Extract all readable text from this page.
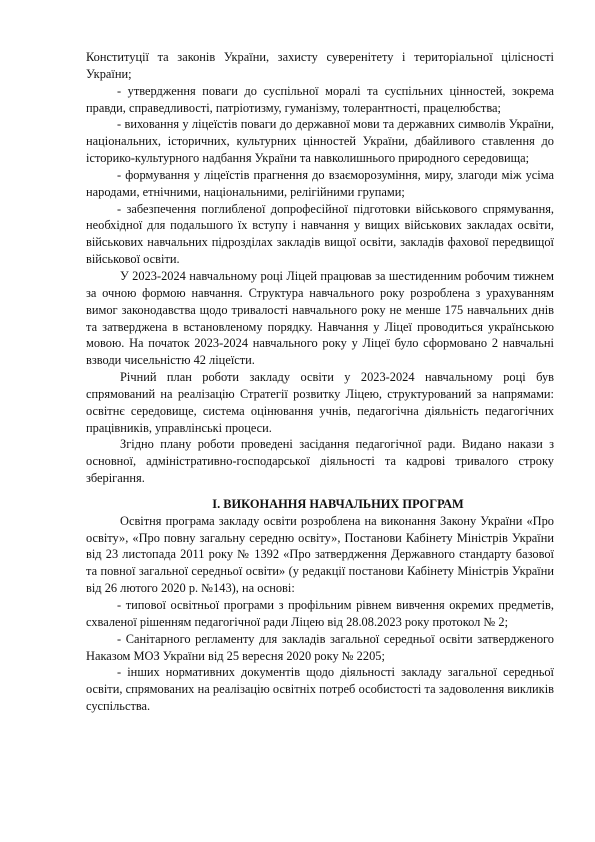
Конституції та законів України, захисту суверенітету і територіальної цілісності України;

- утвердження поваги до суспільної моралі та суспільних цінностей, зокрема правди, справедливості, патріотизму, гуманізму, толерантності, працелюбства;

- виховання у ліцеїстів поваги до державної мови та державних символів України, національних, історичних, культурних цінностей України, дбайливого ставлення до історико-культурного надбання України та навколишнього природного середовища;

- формування у ліцеїстів прагнення до взаєморозуміння, миру, злагоди між усіма народами, етнічними, національними, релігійними групами;

- забезпечення поглибленої допрофесійної підготовки військового спрямування, необхідної для подальшого їх вступу і навчання у вищих військових закладах освіти, військових навчальних підрозділах закладів вищої освіти, закладів фахової передвищої військової освіти.

У 2023-2024 навчальному році Ліцей працював за шестиденним робочим тижнем за очною формою навчання. Структура навчального року розроблена з урахуванням вимог законодавства щодо тривалості навчального року не менше 175 навчальних днів та затверджена в встановленому порядку. Навчання у Ліцеї проводиться українською мовою. На початок 2023-2024 навчального року у Ліцеї було сформовано 2 навчальні взводи чисельністю 42 ліцеїсти.

Річний план роботи закладу освіти у 2023-2024 навчальному році був спрямований на реалізацію Стратегії розвитку Ліцею, структурований за напрямами: освітнє середовище, система оцінювання учнів, педагогічна діяльність педагогічних працівників, управлінські процеси.

Згідно плану роботи проведені засідання педагогічної ради. Видано накази з основної, адміністративно-господарської діяльності та кадрові тривалого строку зберігання.

І. ВИКОНАННЯ НАВЧАЛЬНИХ ПРОГРАМ

Освітня програма закладу освіти розроблена на виконання Закону України «Про освіту», «Про повну загальну середню освіту», Постанови Кабінету Міністрів України від 23 листопада 2011 року № 1392 «Про затвердження Державного стандарту базової та повної загальної середньої освіти» (у редакції постанови Кабінету Міністрів України від 26 лютого 2020 р. №143), на основі:

- типової освітньої програми з профільним рівнем вивчення окремих предметів, схваленої рішенням педагогічної ради Ліцею від 28.08.2023 року протокол № 2;

- Санітарного регламенту для закладів загальної середньої освіти затвердженого Наказом МОЗ України від 25 вересня 2020 року № 2205;

- інших нормативних документів щодо діяльності закладу загальної середньої освіти, спрямованих на реалізацію освітніх потреб особистості та задоволення викликів суспільства.
